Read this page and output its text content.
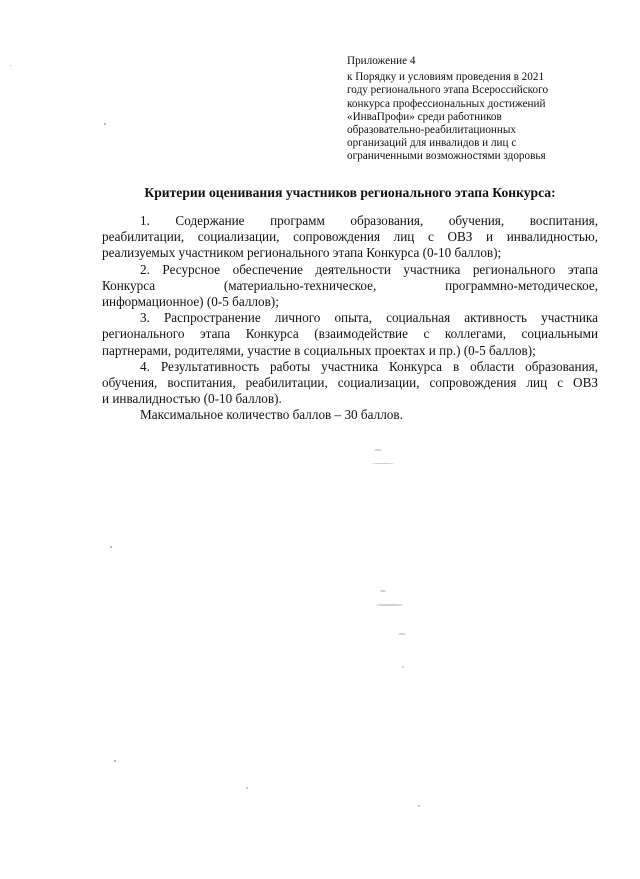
Приложение 4
к Порядку и условиям проведения в 2021
году регионального этапа Всероссийского
конкурса профессиональных достижений
«ИнваПрофи» среди работников
образовательно-реабилитационных
организаций для инвалидов и лиц с
ограниченными возможностями здоровья
Критерии оценивания участников регионального этапа Конкурса:
1. Содержание программ образования, обучения, воспитания,
реабилитации, социализации, сопровождения лиц с ОВЗ и инвалидностью,
реализуемых участником регионального этапа Конкурса (0-10 баллов);
2. Ресурсное обеспечение деятельности участника регионального этапа
Конкурса (материально-техническое, программно-методическое,
информационное) (0-5 баллов);
3. Распространение личного опыта, социальная активность участника
регионального этапа Конкурса (взаимодействие с коллегами, социальными
партнерами, родителями, участие в социальных проектах и пр.) (0-5 баллов);
4. Результативность работы участника Конкурса в области образования,
обучения, воспитания, реабилитации, социализации, сопровождения лиц с ОВЗ
и инвалидностью (0-10 баллов).
Максимальное количество баллов – 30 баллов.
